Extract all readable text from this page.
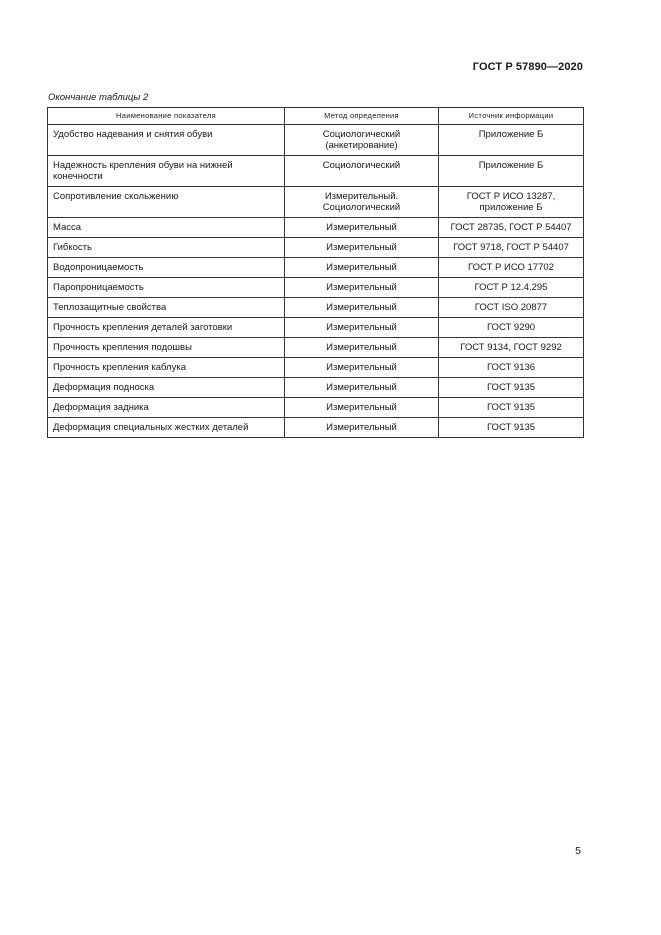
ГОСТ Р 57890—2020
Окончание таблицы 2
Наименование показателя	Метод определения	Источник информации
Удобство надевания и снятия обуви	Социологический (анкетирование)	Приложение Б
Надежность крепления обуви на нижней конечности	Социологический	Приложение Б
Сопротивление скольжению	Измерительный. Социологический	ГОСТ Р ИСО 13287, приложение Б
Масса	Измерительный	ГОСТ 28735, ГОСТ Р 54407
Гибкость	Измерительный	ГОСТ 9718, ГОСТ Р 54407
Водопроницаемость	Измерительный	ГОСТ Р ИСО 17702
Паропроницаемость	Измерительный	ГОСТ Р 12.4.295
Теплозащитные свойства	Измерительный	ГОСТ ISO 20877
Прочность крепления деталей заготовки	Измерительный	ГОСТ 9290
Прочность крепления подошвы	Измерительный	ГОСТ 9134, ГОСТ 9292
Прочность крепления каблука	Измерительный	ГОСТ 9136
Деформация подноска	Измерительный	ГОСТ 9135
Деформация задника	Измерительный	ГОСТ 9135
Деформация специальных жестких деталей	Измерительный	ГОСТ 9135
5
